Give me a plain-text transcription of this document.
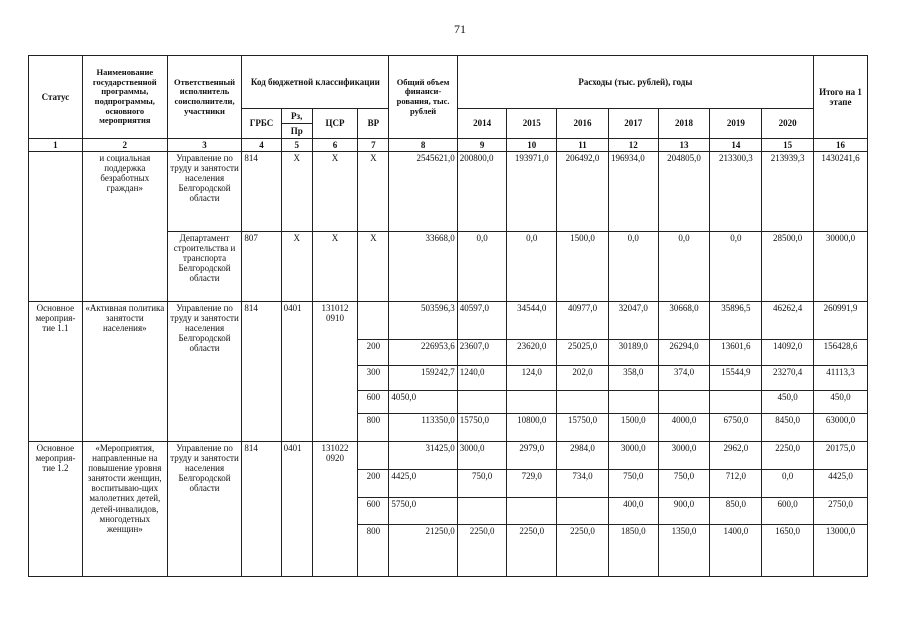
71
Статус	Наименование государственной программы, подпрограммы, основного мероприятия	Ответственный исполнитель соисполнители, участники	Код бюджетной классификации				Общий объем финанси-рования, тыс. рублей	Расходы (тыс. рублей), годы							Итого на 1 этапе
			ГРБС	Рз,	ЦСР	ВР		2014	2015	2016	2017	2018	2019	2020	
				Пр											
1	2	3	4	5	6	7	8	9	10	11	12	13	14	15	16
	и социальная поддержка безработных граждан»	Управление по труду и занятости населения Белгородской области	814	Х	Х	Х	2545621,0	200800,0	193971,0	206492,0	196934,0	204805,0	213300,3	213939,3	1430241,6
		Департамент строительства и транспорта Белгородской области	807	Х	Х	Х	33668,0	0,0	0,0	1500,0	0,0	0,0	0,0	28500,0	30000,0
Основное мероприя-тие 1.1	«Активная политика занятости населения»	Управление по труду и занятости населения Белгородской области	814	0401	131012 0910		503596,3	40597,0	34544,0	40977,0	32047,0	30668,0	35896,5	46262,4	260991,9
						200	226953,6	23607,0	23620,0	25025,0	30189,0	26294,0	13601,6	14092,0	156428,6
						300	159242,7	1240,0	124,0	202,0	358,0	374,0	15544,9	23270,4	41113,3
						600	4050,0							450,0	450,0
						800	113350,0	15750,0	10800,0	15750,0	1500,0	4000,0	6750,0	8450,0	63000,0
Основное мероприя-тие 1.2	«Мероприятия, направленные на повышение уровня занятости женщин, воспитываю-щих малолетних детей, детей-инвалидов, многодетных женщин»	Управление по труду и занятости населения Белгородской области	814	0401	131022 0920		31425,0	3000,0	2979,0	2984,0	3000,0	3000,0	2962,0	2250,0	20175,0
						200	4425,0	750,0	729,0	734,0	750,0	750,0	712,0	0,0	4425,0
						600	5750,0				400,0	900,0	850,0	600,0	2750,0
						800	21250,0	2250,0	2250,0	2250,0	1850,0	1350,0	1400,0	1650,0	13000,0
